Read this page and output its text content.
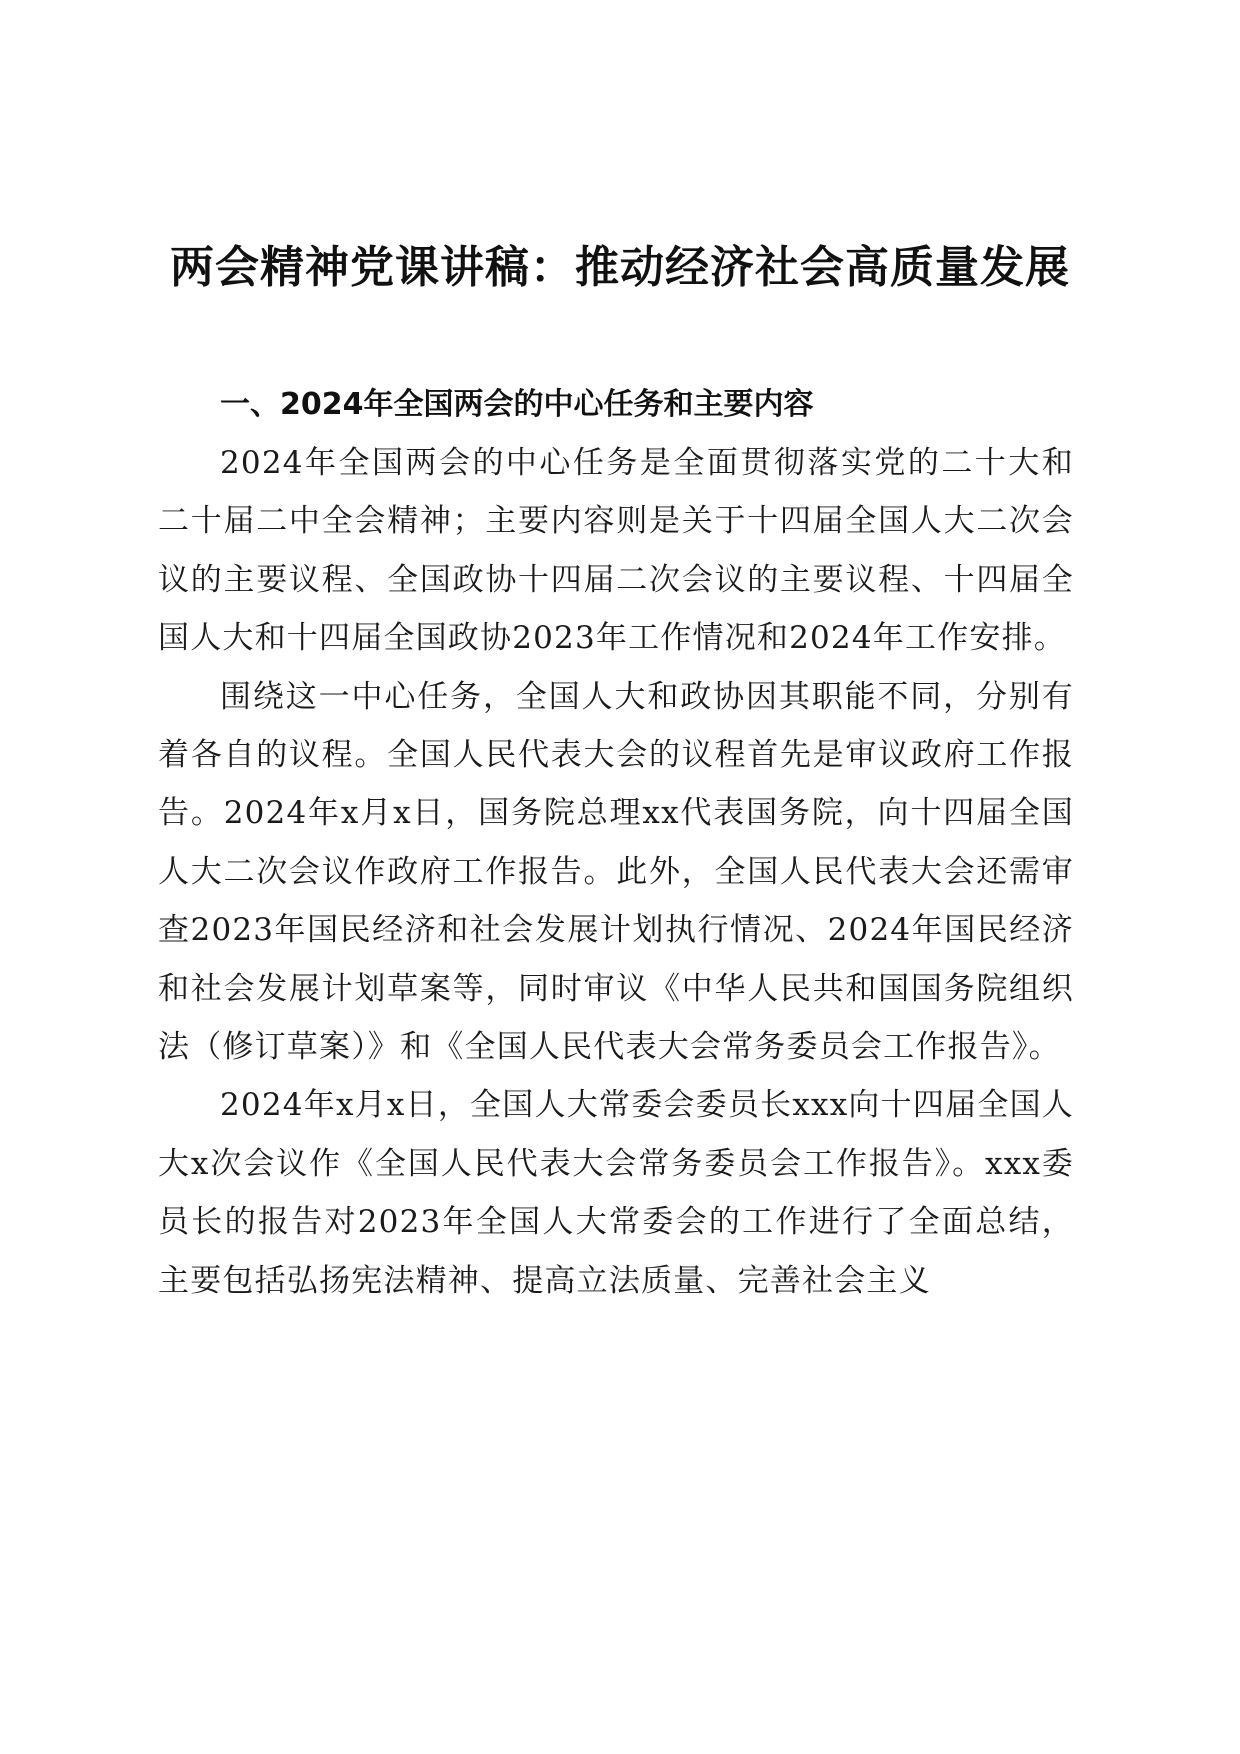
两会精神党课讲稿：推动经济社会高质量发展
一、2024年全国两会的中心任务和主要内容

2024年全国两会的中心任务是全面贯彻落实党的二十大和二十届二中全会精神；主要内容则是关于十四届全国人大二次会议的主要议程、全国政协十四届二次会议的主要议程、十四届全国人大和十四届全国政协2023年工作情况和2024年工作安排。

围绕这一中心任务，全国人大和政协因其职能不同，分别有着各自的议程。全国人民代表大会的议程首先是审议政府工作报告。2024年x月x日，国务院总理xx代表国务院，向十四届全国人大二次会议作政府工作报告。此外，全国人民代表大会还需审查2023年国民经济和社会发展计划执行情况、2024年国民经济和社会发展计划草案等，同时审议《中华人民共和国国务院组织法（修订草案）》和《全国人民代表大会常务委员会工作报告》。

2024年x月x日，全国人大常委会委员长xxx向十四届全国人大x次会议作《全国人民代表大会常务委员会工作报告》。xxx委员长的报告对2023年全国人大常委会的工作进行了全面总结，主要包括弘扬宪法精神、提高立法质量、完善社会主义
